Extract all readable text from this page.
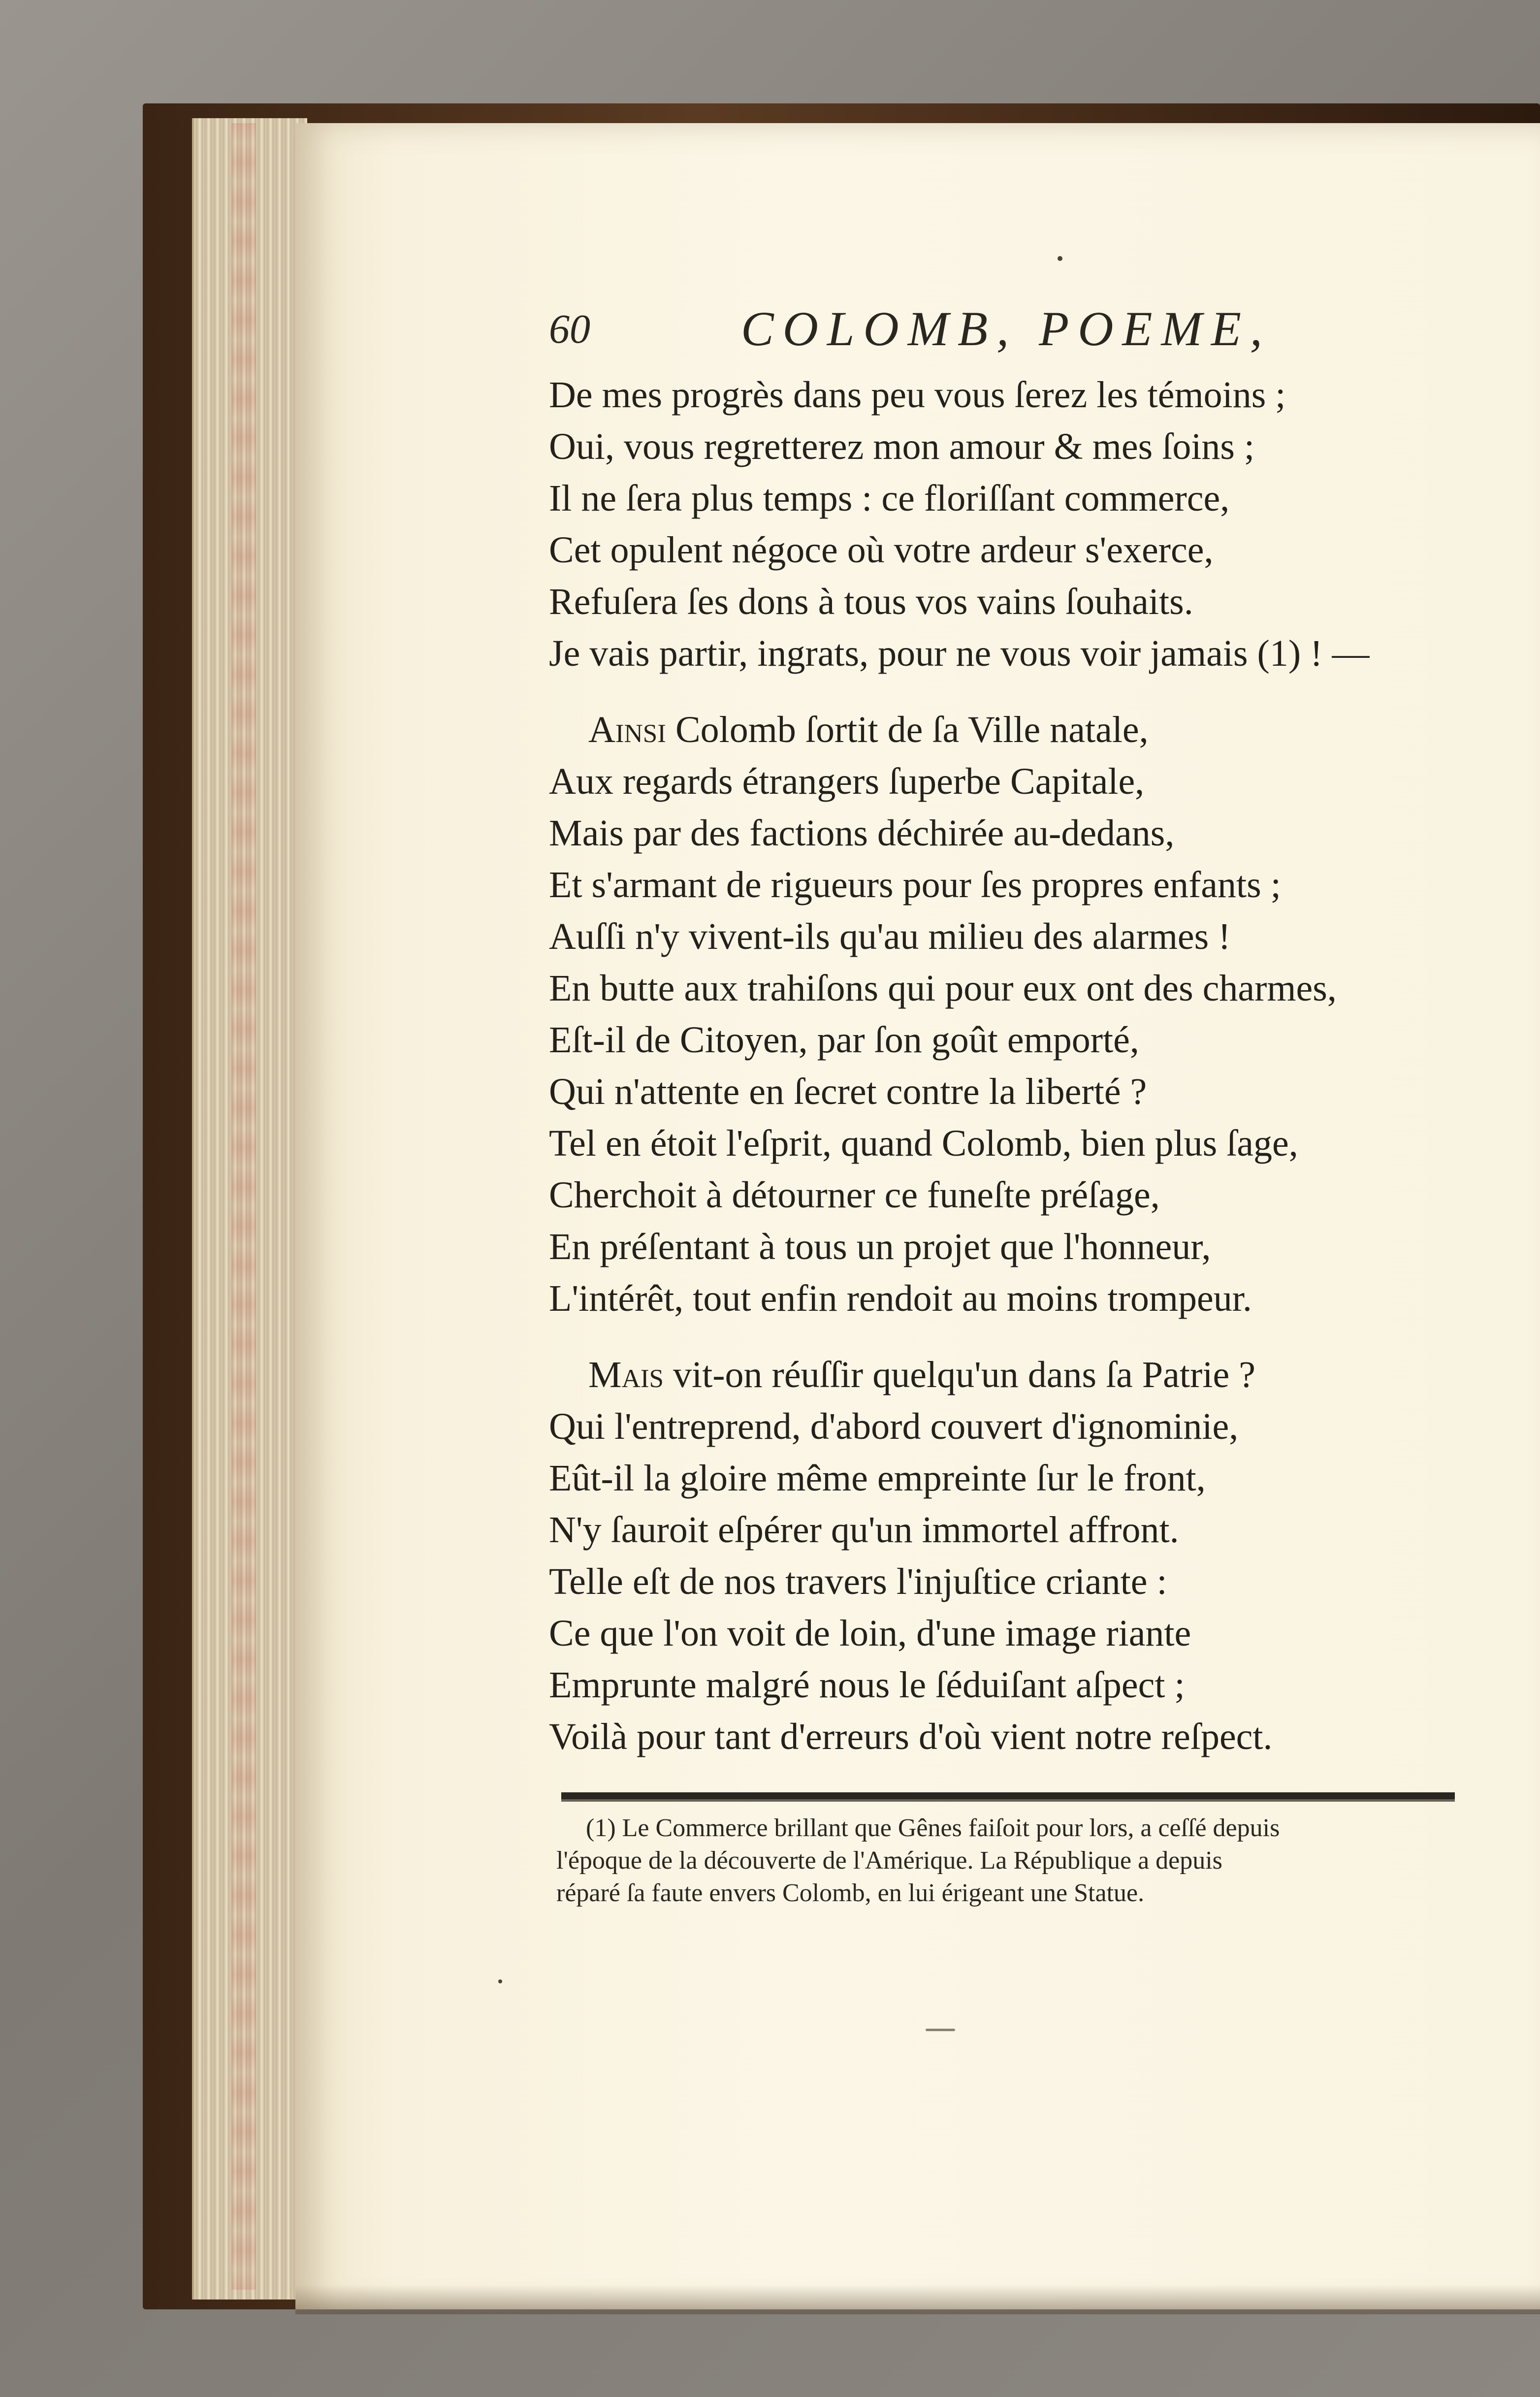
60	COLOMB, POEME,
De mes progrès dans peu vous ſerez les témoins ;
Oui, vous regretterez mon amour & mes ſoins ;
Il ne ſera plus temps : ce floriſſant commerce,
Cet opulent négoce où votre ardeur s'exerce,
Refuſera ſes dons à tous vos vains ſouhaits.
Je vais partir, ingrats, pour ne vous voir jamais (1) ! —
Ainsi Colomb ſortit de ſa Ville natale,
Aux regards étrangers ſuperbe Capitale,
Mais par des factions déchirée au-dedans,
Et s'armant de rigueurs pour ſes propres enfants ;
Auſſi n'y vivent-ils qu'au milieu des alarmes !
En butte aux trahiſons qui pour eux ont des charmes,
Eſt-il de Citoyen, par ſon goût emporté,
Qui n'attente en ſecret contre la liberté ?
Tel en étoit l'eſprit, quand Colomb, bien plus ſage,
Cherchoit à détourner ce funeſte préſage,
En préſentant à tous un projet que l'honneur,
L'intérêt, tout enfin rendoit au moins trompeur.
Mais vit-on réuſſir quelqu'un dans ſa Patrie ?
Qui l'entreprend, d'abord couvert d'ignominie,
Eût-il la gloire même empreinte ſur le front,
N'y ſauroit eſpérer qu'un immortel affront.
Telle eſt de nos travers l'injuſtice criante :
Ce que l'on voit de loin, d'une image riante
Emprunte malgré nous le ſéduiſant aſpect ;
Voilà pour tant d'erreurs d'où vient notre reſpect.
(1) Le Commerce brillant que Gênes faiſoit pour lors, a ceſſé depuis
l'époque de la découverte de l'Amérique. La République a depuis
réparé ſa faute envers Colomb, en lui érigeant une Statue.
